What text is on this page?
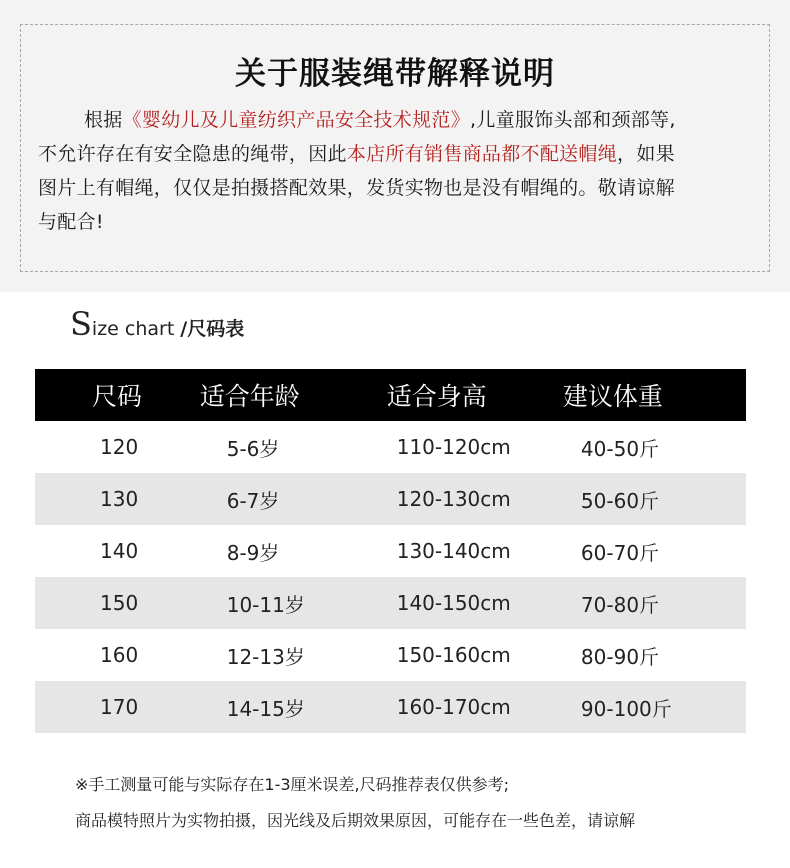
关于服装绳带解释说明
根据《婴幼儿及儿童纺织产品安全技术规范》,儿童服饰头部和颈部等,
不允许存在有安全隐患的绳带，因此本店所有销售商品都不配送帽绳，如果
图片上有帽绳，仅仅是拍摄搭配效果，发货实物也是没有帽绳的。敬请谅解
与配合!
S ize chart /尺码表
尺码	适合年龄	适合身高	建议体重
120	5-6岁	110-120cm	40-50斤
130	6-7岁	120-130cm	50-60斤
140	8-9岁	130-140cm	60-70斤
150	10-11岁	140-150cm	70-80斤
160	12-13岁	150-160cm	80-90斤
170	14-15岁	160-170cm	90-100斤
※手工测量可能与实际存在1-3厘米误差,尺码推荐表仅供参考;
商品模特照片为实物拍摄，因光线及后期效果原因，可能存在一些色差，请谅解
